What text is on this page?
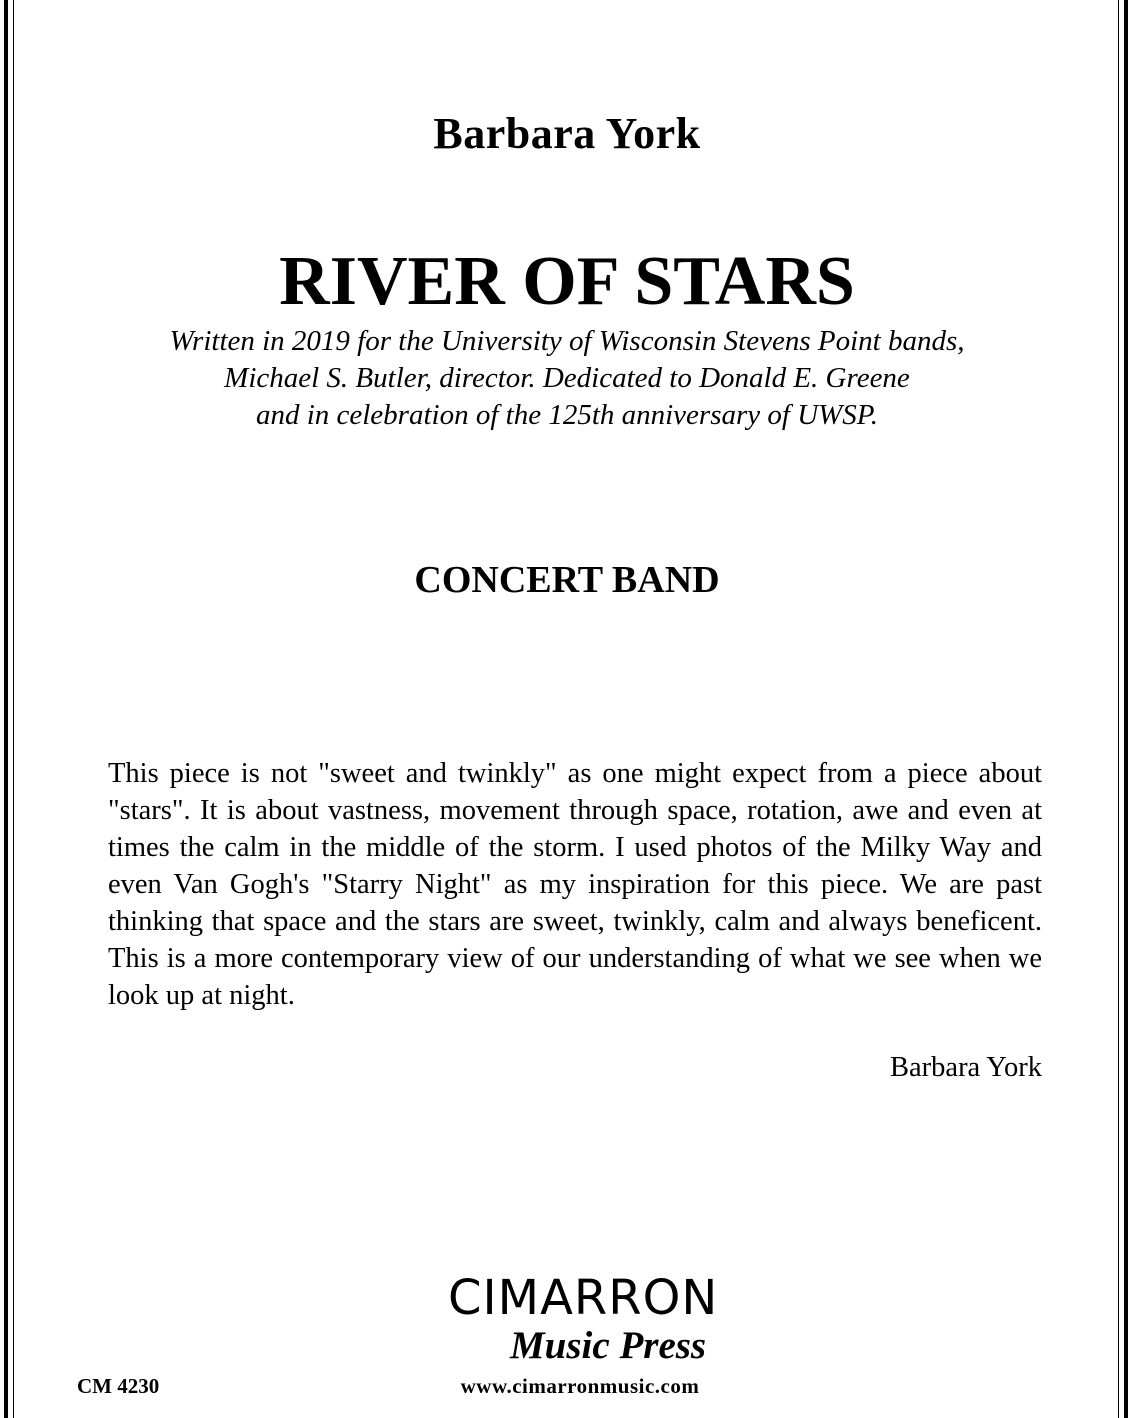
Barbara York
RIVER OF STARS
Written in 2019 for the University of Wisconsin Stevens Point bands,
Michael S. Butler, director. Dedicated to Donald E. Greene
and in celebration of the 125th anniversary of UWSP.
CONCERT BAND
This piece is not "sweet and twinkly" as one might expect from a piece about "stars". It is about vastness, movement through space, rotation, awe and even at times the calm in the middle of the storm. I used photos of the Milky Way and even Van Gogh's "Starry Night" as my inspiration for this piece. We are past thinking that space and the stars are sweet, twinkly, calm and always beneficent. This is a more contemporary view of our understanding of what we see when we look up at night.
Barbara York
CIMARRON
Music Press
CM 4230	www.cimarronmusic.com
